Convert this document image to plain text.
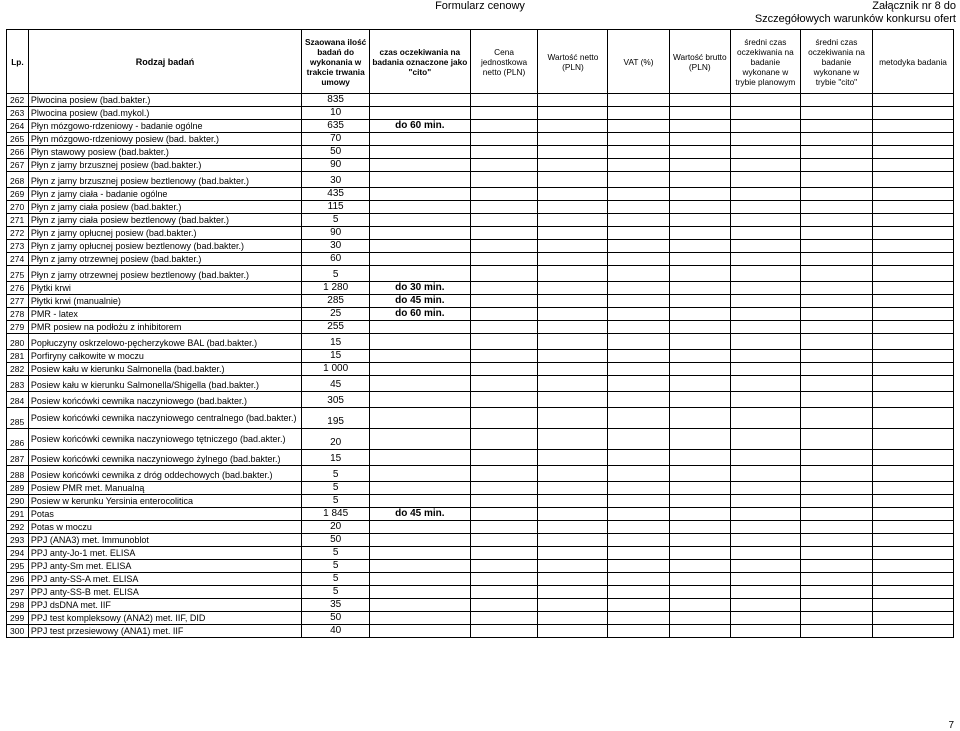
Formularz cenowy	Załącznik nr 8 do
Szczegółowych warunków konkursu ofert
Lp.	Rodzaj badań	Szaowana ilość badań do wykonania w trakcie trwania umowy	czas oczekiwania na badania oznaczone jako "cito"	Cena jednostkowa netto (PLN)	Wartość netto (PLN)	VAT (%)	Wartość brutto (PLN)	średni czas oczekiwania na badanie wykonane w trybie planowym	średni czas oczekiwania na badanie wykonane w trybie "cito"	metodyka badania
262	Plwocina posiew (bad.bakter.)	835								
263	Plwocina posiew (bad.mykol.)	10								
264	Płyn mózgowo-rdzeniowy - badanie ogólne	635	do 60 min.							
265	Płyn mózgowo-rdzeniowy posiew (bad. bakter.)	70								
266	Płyn stawowy posiew (bad.bakter.)	50								
267	Płyn z jamy brzusznej posiew (bad.bakter.)	90								
268	Płyn z jamy brzusznej posiew beztlenowy (bad.bakter.)	30								
269	Płyn z jamy ciała - badanie ogólne	435								
270	Płyn z jamy ciała posiew (bad.bakter.)	115								
271	Płyn z jamy ciała posiew beztlenowy (bad.bakter.)	5								
272	Płyn z jamy opłucnej posiew (bad.bakter.)	90								
273	Płyn z jamy opłucnej posiew beztlenowy (bad.bakter.)	30								
274	Płyn z jamy otrzewnej posiew (bad.bakter.)	60								
275	Płyn z jamy otrzewnej posiew beztlenowy (bad.bakter.)	5								
276	Płytki krwi	1 280	do 30 min.							
277	Płytki krwi (manualnie)	285	do 45 min.							
278	PMR - latex	25	do 60 min.							
279	PMR posiew na podłożu z inhibitorem	255								
280	Popłuczyny oskrzelowo-pęcherzykowe BAL (bad.bakter.)	15								
281	Porfiryny całkowite w moczu	15								
282	Posiew kału w kierunku Salmonella (bad.bakter.)	1 000								
283	Posiew kału w kierunku Salmonella/Shigella (bad.bakter.)	45								
284	Posiew końcówki cewnika naczyniowego (bad.bakter.)	305								
285	Posiew końcówki cewnika naczyniowego centralnego (bad.bakter.)	195								
286	Posiew końcówki cewnika naczyniowego tętniczego (bad.akter.)	20								
287	Posiew końcówki cewnika naczyniowego żylnego (bad.bakter.)	15								
288	Posiew końcówki cewnika z dróg oddechowych (bad.bakter.)	5								
289	Posiew PMR met. Manualną	5								
290	Posiew w kerunku Yersinia enterocolitica	5								
291	Potas	1 845	do 45 min.							
292	Potas w moczu	20								
293	PPJ (ANA3) met. Immunoblot	50								
294	PPJ anty-Jo-1 met. ELISA	5								
295	PPJ anty-Sm met. ELISA	5								
296	PPJ anty-SS-A met. ELISA	5								
297	PPJ anty-SS-B met. ELISA	5								
298	PPJ dsDNA met. IIF	35								
299	PPJ test kompleksowy (ANA2) met. IIF, DID	50								
300	PPJ test przesiewowy (ANA1) met. IIF	40								
7
